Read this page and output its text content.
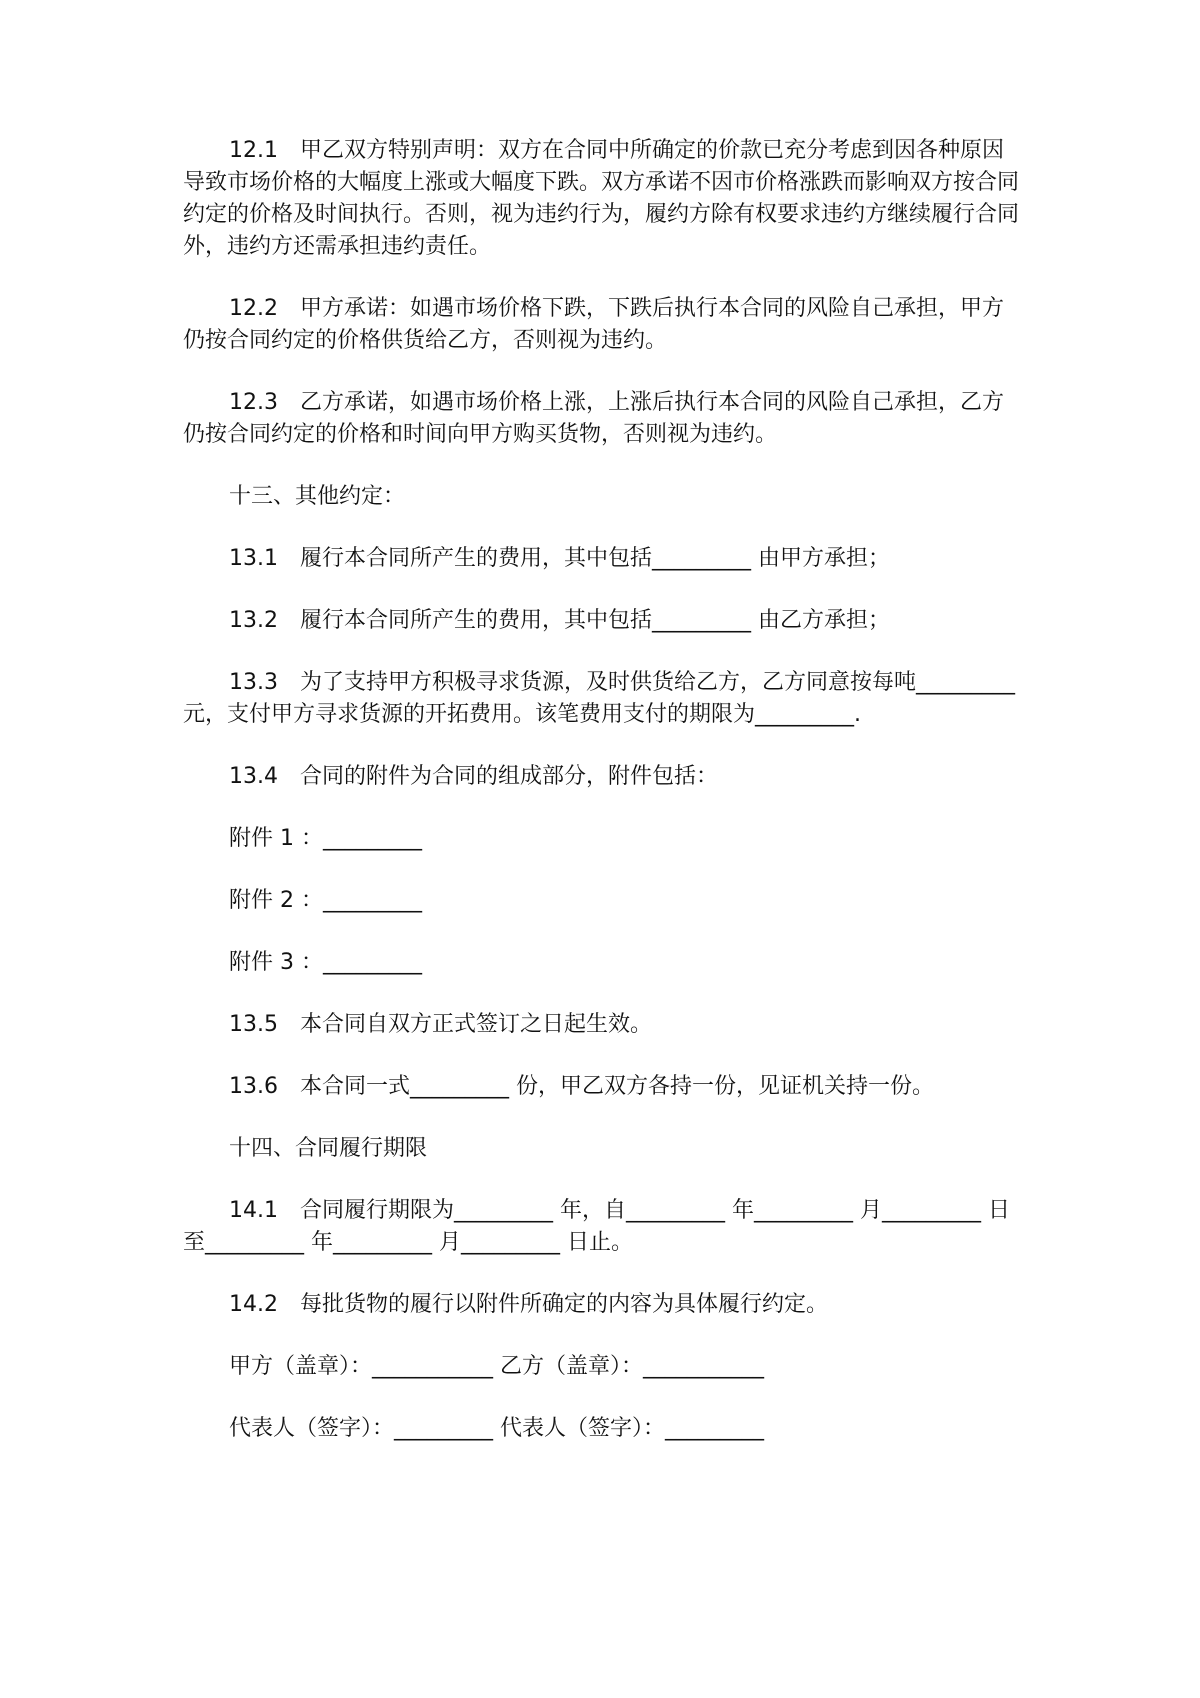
12.1　甲乙双方特别声明：双方在合同中所确定的价款已充分考虑到因各种原因导致市场价格的大幅度上涨或大幅度下跌。双方承诺不因市价格涨跌而影响双方按合同约定的价格及时间执行。否则，视为违约行为，履约方除有权要求违约方继续履行合同外，违约方还需承担违约责任。

12.2　甲方承诺：如遇市场价格下跌，下跌后执行本合同的风险自己承担，甲方仍按合同约定的价格供货给乙方，否则视为违约。

12.3　乙方承诺，如遇市场价格上涨，上涨后执行本合同的风险自己承担，乙方仍按合同约定的价格和时间向甲方购买货物，否则视为违约。

十三、其他约定：

13.1　履行本合同所产生的费用，其中包括_________ 由甲方承担；

13.2　履行本合同所产生的费用，其中包括_________ 由乙方承担；

13.3　为了支持甲方积极寻求货源，及时供货给乙方，乙方同意按每吨_________ 元，支付甲方寻求货源的开拓费用。该笔费用支付的期限为_________.

13.4　合同的附件为合同的组成部分，附件包括：

附件 1 ：_________

附件 2 ：_________

附件 3 ：_________

13.5　本合同自双方正式签订之日起生效。

13.6　本合同一式_________ 份，甲乙双方各持一份，见证机关持一份。

十四、合同履行期限

14.1　合同履行期限为_________ 年，自_________ 年_________ 月_________ 日至_________ 年_________ 月_________ 日止。

14.2　每批货物的履行以附件所确定的内容为具体履行约定。

甲方（盖章）：___________ 乙方（盖章）：___________

代表人（签字）：_________ 代表人（签字）：_________
